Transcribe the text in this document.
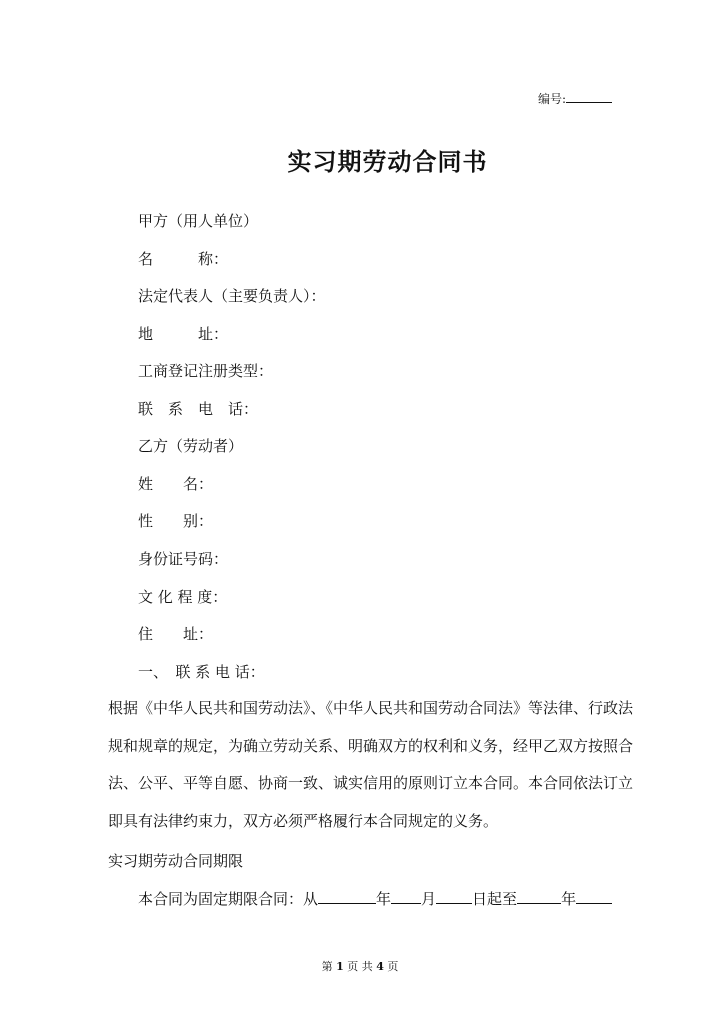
编号:
实习期劳动合同书
甲方（用人单位）
名　　　称：
法定代表人（主要负责人）：
地　　　址：
工商登记注册类型：
联　系　电　话：
乙方（劳动者）
姓　　名：
性　　别：
身份证号码：
文 化 程 度：
住　　址：
一、　联 系 电 话：
根据《中华人民共和国劳动法》、《中华人民共和国劳动合同法》等法律、行政法
规和规章的规定，为确立劳动关系、明确双方的权利和义务，经甲乙双方按照合
法、公平、平等自愿、协商一致、诚实信用的原则订立本合同。本合同依法订立
即具有法律约束力，双方必须严格履行本合同规定的义务。
实习期劳动合同期限
本合同为固定期限合同：从	年 月 日起至	年
第 1 页 共 4 页
